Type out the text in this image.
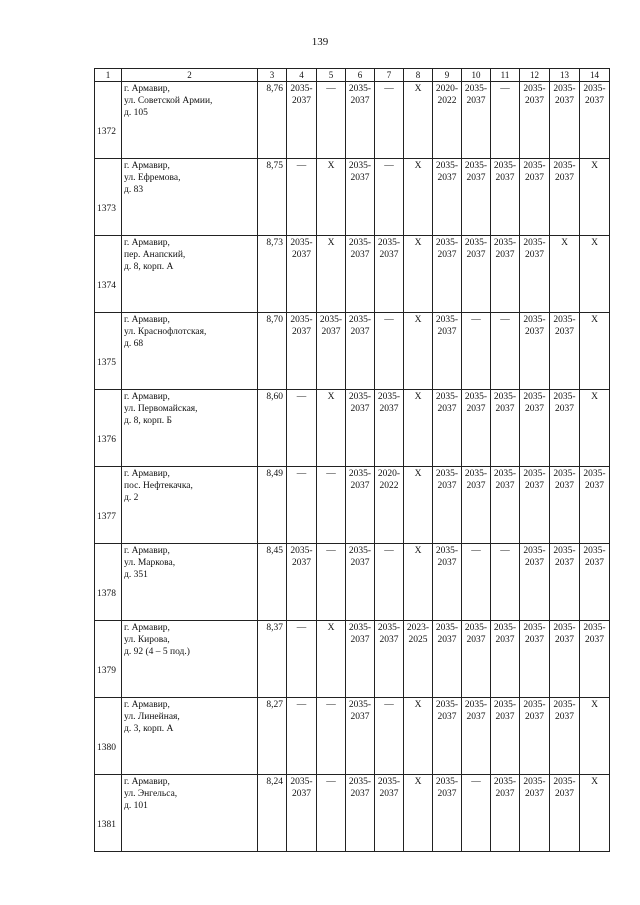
139
1	2	3	4	5	6	7	8	9	10	11	12	13	14
1372	г. Армавир,
ул. Советской Армии,
д. 105	8,76	2035-
2037	—	2035-
2037	—	X	2020-
2022	2035-
2037	—	2035-
2037	2035-
2037	2035-
2037
1373	г. Армавир,
ул. Ефремова,
д. 83	8,75	—	X	2035-
2037	—	X	2035-
2037	2035-
2037	2035-
2037	2035-
2037	2035-
2037	X
1374	г. Армавир,
пер. Анапский,
д. 8, корп. А	8,73	2035-
2037	X	2035-
2037	2035-
2037	X	2035-
2037	2035-
2037	2035-
2037	2035-
2037	X	X
1375	г. Армавир,
ул. Краснофлотская,
д. 68	8,70	2035-
2037	2035-
2037	2035-
2037	—	X	2035-
2037	—	—	2035-
2037	2035-
2037	X
1376	г. Армавир,
ул. Первомайская,
д. 8, корп. Б	8,60	—	X	2035-
2037	2035-
2037	X	2035-
2037	2035-
2037	2035-
2037	2035-
2037	2035-
2037	X
1377	г. Армавир,
пос. Нефтекачка,
д. 2	8,49	—	—	2035-
2037	2020-
2022	X	2035-
2037	2035-
2037	2035-
2037	2035-
2037	2035-
2037	2035-
2037
1378	г. Армавир,
ул. Маркова,
д. 351	8,45	2035-
2037	—	2035-
2037	—	X	2035-
2037	—	—	2035-
2037	2035-
2037	2035-
2037
1379	г. Армавир,
ул. Кирова,
д. 92 (4 – 5 под.)	8,37	—	X	2035-
2037	2035-
2037	2023-
2025	2035-
2037	2035-
2037	2035-
2037	2035-
2037	2035-
2037	2035-
2037
1380	г. Армавир,
ул. Линейная,
д. 3, корп. А	8,27	—	—	2035-
2037	—	X	2035-
2037	2035-
2037	2035-
2037	2035-
2037	2035-
2037	X
1381	г. Армавир,
ул. Энгельса,
д. 101	8,24	2035-
2037	—	2035-
2037	2035-
2037	X	2035-
2037	—	2035-
2037	2035-
2037	2035-
2037	X
